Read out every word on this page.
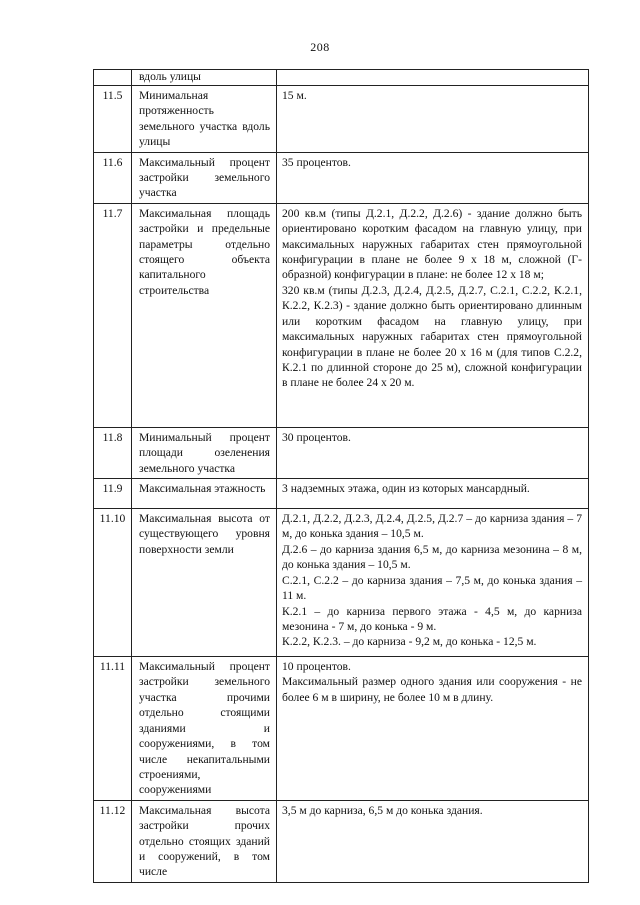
208
	вдоль улицы	
11.5	Минимальная протяженность земельного участка вдоль улицы	15 м.

11.6	Максимальный процент застройки земельного участка	35 процентов.

11.7	Максимальная площадь застройки и предельные параметры отдельно стоящего объекта капитального строительства	200 кв.м (типы Д.2.1, Д.2.2, Д.2.6) - здание должно быть ориентировано коротким фасадом на главную улицу, при максимальных наружных габаритах стен прямоугольной конфигурации в плане не более 9 х 18 м, сложной (Г-образной) конфигурации в плане: не более 12 х 18 м;
320 кв.м (типы Д.2.3, Д.2.4, Д.2.5, Д.2.7, С.2.1, С.2.2, К.2.1, К.2.2, К.2.3) - здание должно быть ориентировано длинным или коротким фасадом на главную улицу, при максимальных наружных габаритах стен прямоугольной конфигурации в плане не более 20 х 16 м (для типов С.2.2, К.2.1 по длинной стороне до 25 м), сложной конфигурации в плане не более 24 х 20 м.

11.8	Минимальный процент площади озеленения земельного участка	30 процентов.

11.9	Максимальная этажность	3 надземных этажа, один из которых мансардный.

11.10	Максимальная высота от существующего уровня поверхности земли	Д.2.1, Д.2.2, Д.2.3, Д.2.4, Д.2.5, Д.2.7 – до карниза здания – 7 м, до конька здания – 10,5 м.
Д.2.6 – до карниза здания 6,5 м, до карниза мезонина – 8 м, до конька здания – 10,5 м.
С.2.1, С.2.2 – до карниза здания – 7,5 м, до конька здания – 11 м.
К.2.1 – до карниза первого этажа - 4,5 м, до карниза мезонина - 7 м, до конька - 9 м.
К.2.2, К.2.3. – до карниза - 9,2 м, до конька - 12,5 м.

11.11	Максимальный процент застройки земельного участка прочими отдельно стоящими зданиями и сооружениями, в том числе некапитальными строениями, сооружениями	10 процентов.
Максимальный размер одного здания или сооружения - не более 6 м в ширину, не более 10 м в длину.

11.12	Максимальная высота застройки прочих отдельно стоящих зданий и сооружений, в том числе	3,5 м до карниза, 6,5 м до конька здания.
